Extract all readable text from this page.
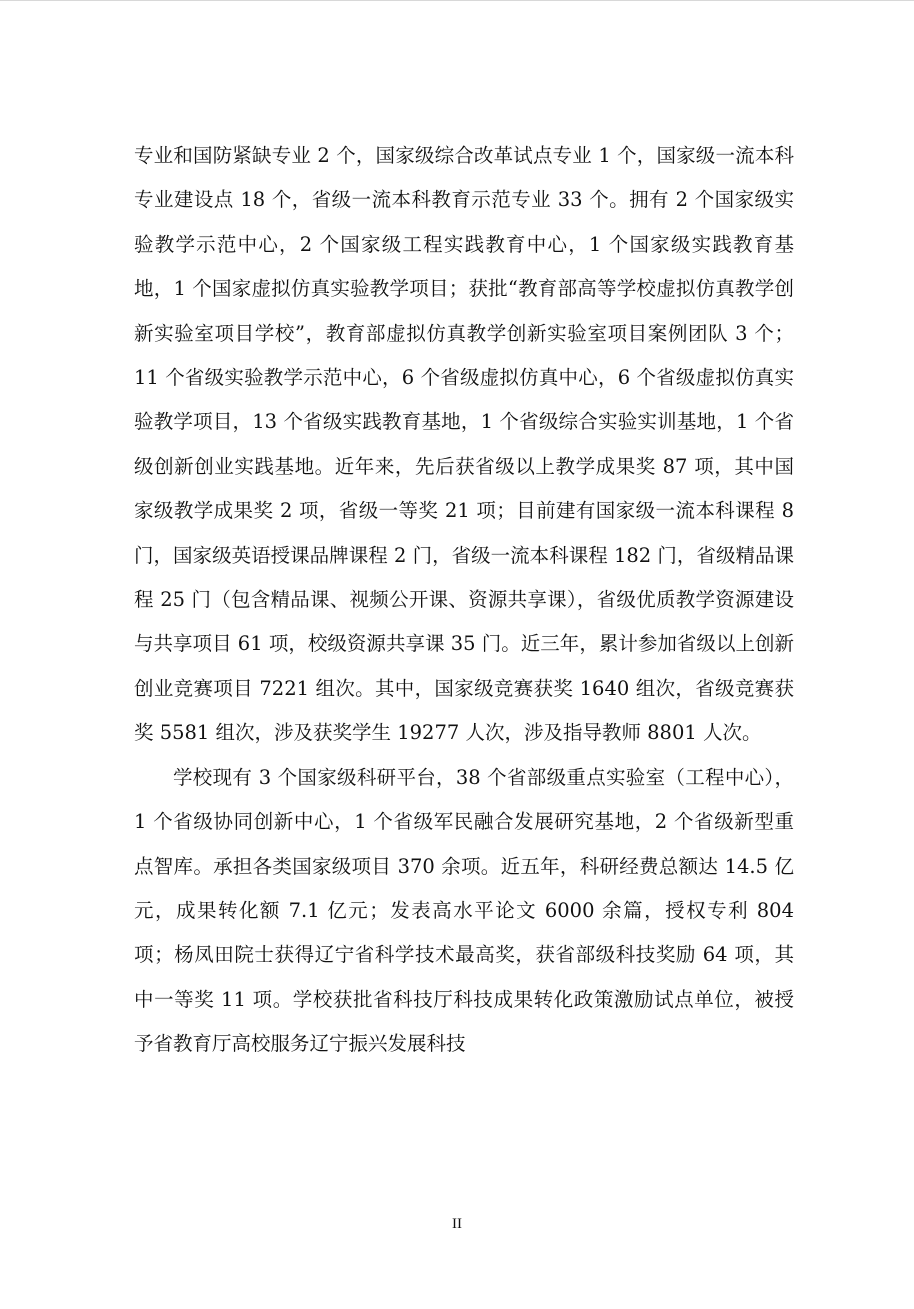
专业和国防紧缺专业 2 个，国家级综合改革试点专业 1 个，国家级一流本科专业建设点 18 个，省级一流本科教育示范专业 33 个。拥有 2 个国家级实验教学示范中心，2 个国家级工程实践教育中心，1 个国家级实践教育基地，1 个国家虚拟仿真实验教学项目；获批“教育部高等学校虚拟仿真教学创新实验室项目学校”，教育部虚拟仿真教学创新实验室项目案例团队 3 个；11 个省级实验教学示范中心，6 个省级虚拟仿真中心，6 个省级虚拟仿真实验教学项目，13 个省级实践教育基地，1 个省级综合实验实训基地，1 个省级创新创业实践基地。近年来，先后获省级以上教学成果奖 87 项，其中国家级教学成果奖 2 项，省级一等奖 21 项；目前建有国家级一流本科课程 8 门，国家级英语授课品牌课程 2 门，省级一流本科课程 182 门，省级精品课程 25 门（包含精品课、视频公开课、资源共享课），省级优质教学资源建设与共享项目 61 项，校级资源共享课 35 门。近三年，累计参加省级以上创新创业竞赛项目 7221 组次。其中，国家级竞赛获奖 1640 组次，省级竞赛获奖 5581 组次，涉及获奖学生 19277 人次，涉及指导教师 8801 人次。

学校现有 3 个国家级科研平台，38 个省部级重点实验室（工程中心），1 个省级协同创新中心，1 个省级军民融合发展研究基地，2 个省级新型重点智库。承担各类国家级项目 370 余项。近五年，科研经费总额达 14.5 亿元，成果转化额 7.1 亿元；发表高水平论文 6000 余篇，授权专利 804 项；杨凤田院士获得辽宁省科学技术最高奖，获省部级科技奖励 64 项，其中一等奖 11 项。学校获批省科技厅科技成果转化政策激励试点单位，被授予省教育厅高校服务辽宁振兴发展科技

II
